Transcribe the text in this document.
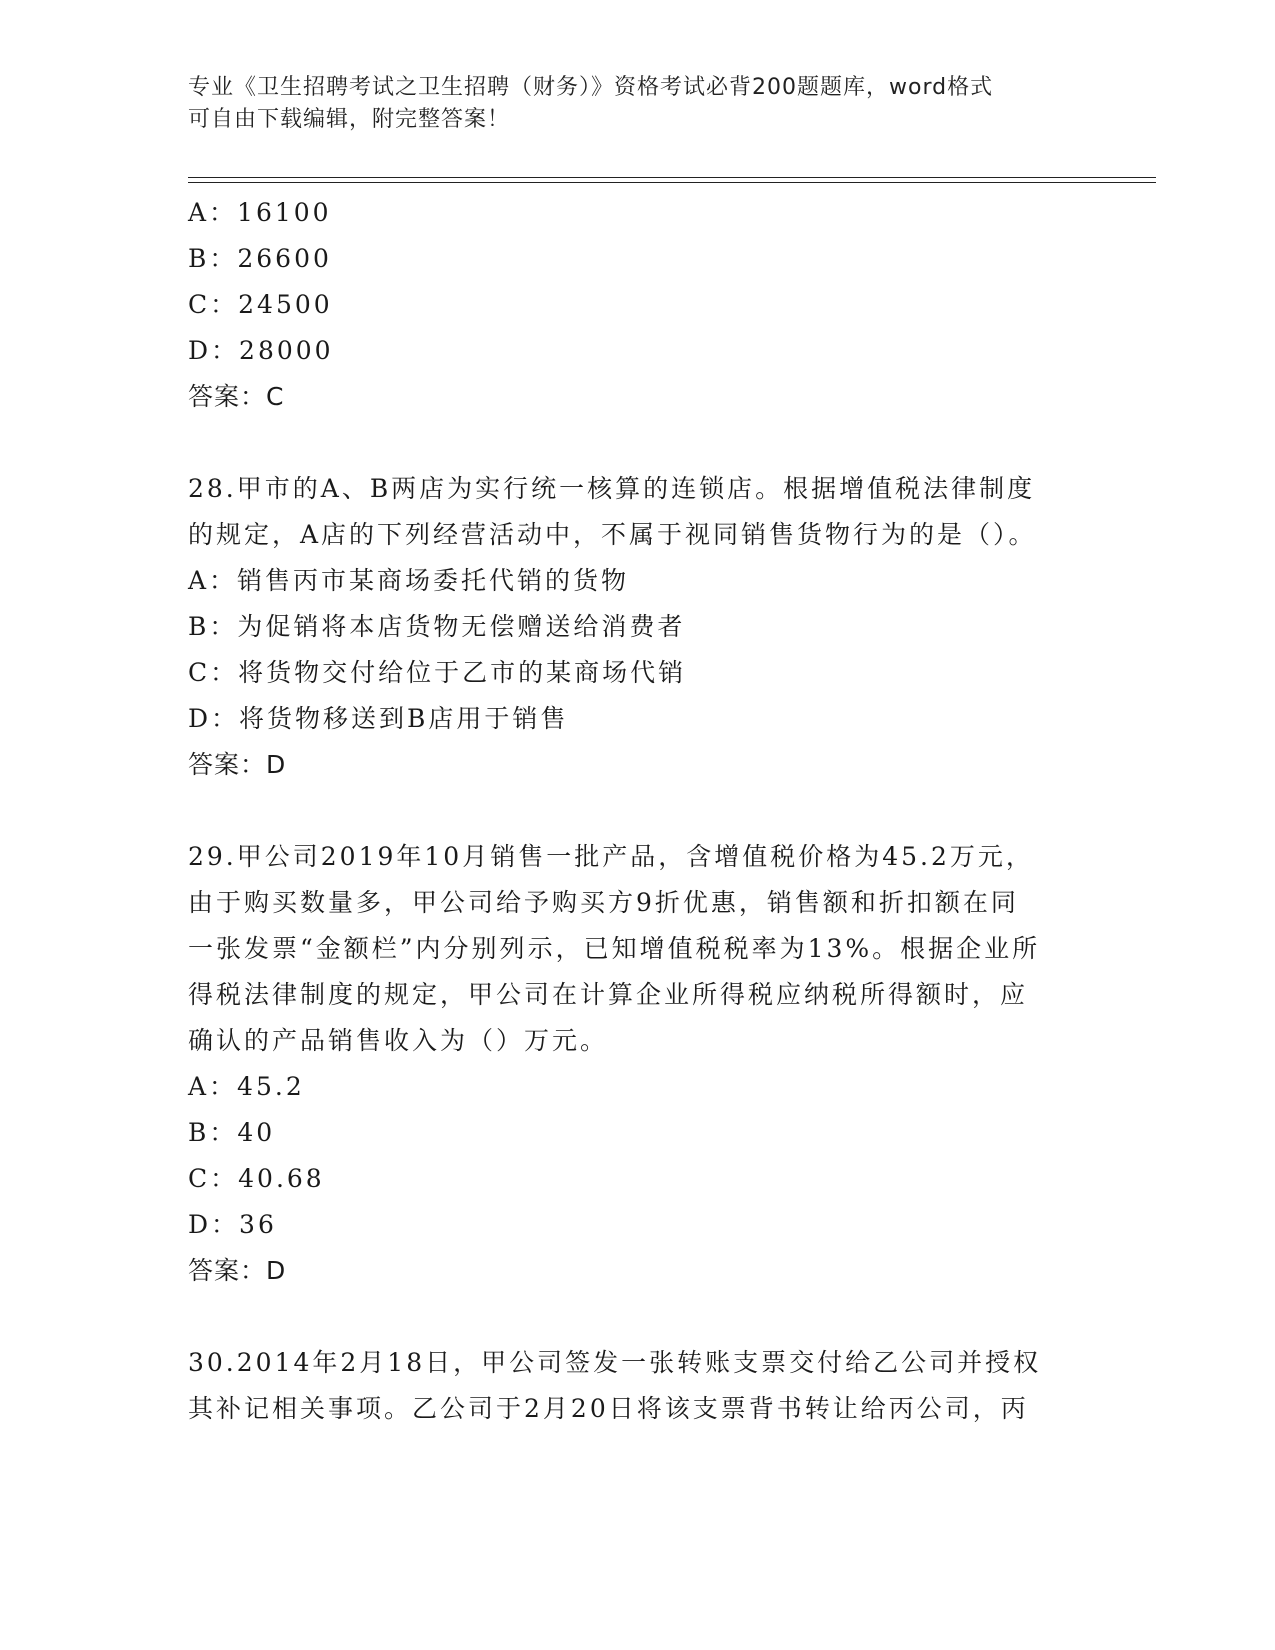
专业《卫生招聘考试之卫生招聘（财务）》资格考试必背200题题库，word格式
可自由下载编辑，附完整答案！
A：16100
B：26600
C：24500
D：28000
答案：C
28.甲市的A、B两店为实行统一核算的连锁店。根据增值税法律制度
的规定，A店的下列经营活动中，不属于视同销售货物行为的是（）。
A：销售丙市某商场委托代销的货物
B：为促销将本店货物无偿赠送给消费者
C：将货物交付给位于乙市的某商场代销
D：将货物移送到B店用于销售
答案：D
29.甲公司2019年10月销售一批产品，含增值税价格为45.2万元，
由于购买数量多，甲公司给予购买方9折优惠，销售额和折扣额在同
一张发票“金额栏”内分别列示，已知增值税税率为13%。根据企业所
得税法律制度的规定，甲公司在计算企业所得税应纳税所得额时，应
确认的产品销售收入为（）万元。
A：45.2
B：40
C：40.68
D：36
答案：D
30.2014年2月18日，甲公司签发一张转账支票交付给乙公司并授权
其补记相关事项。乙公司于2月20日将该支票背书转让给丙公司，丙
